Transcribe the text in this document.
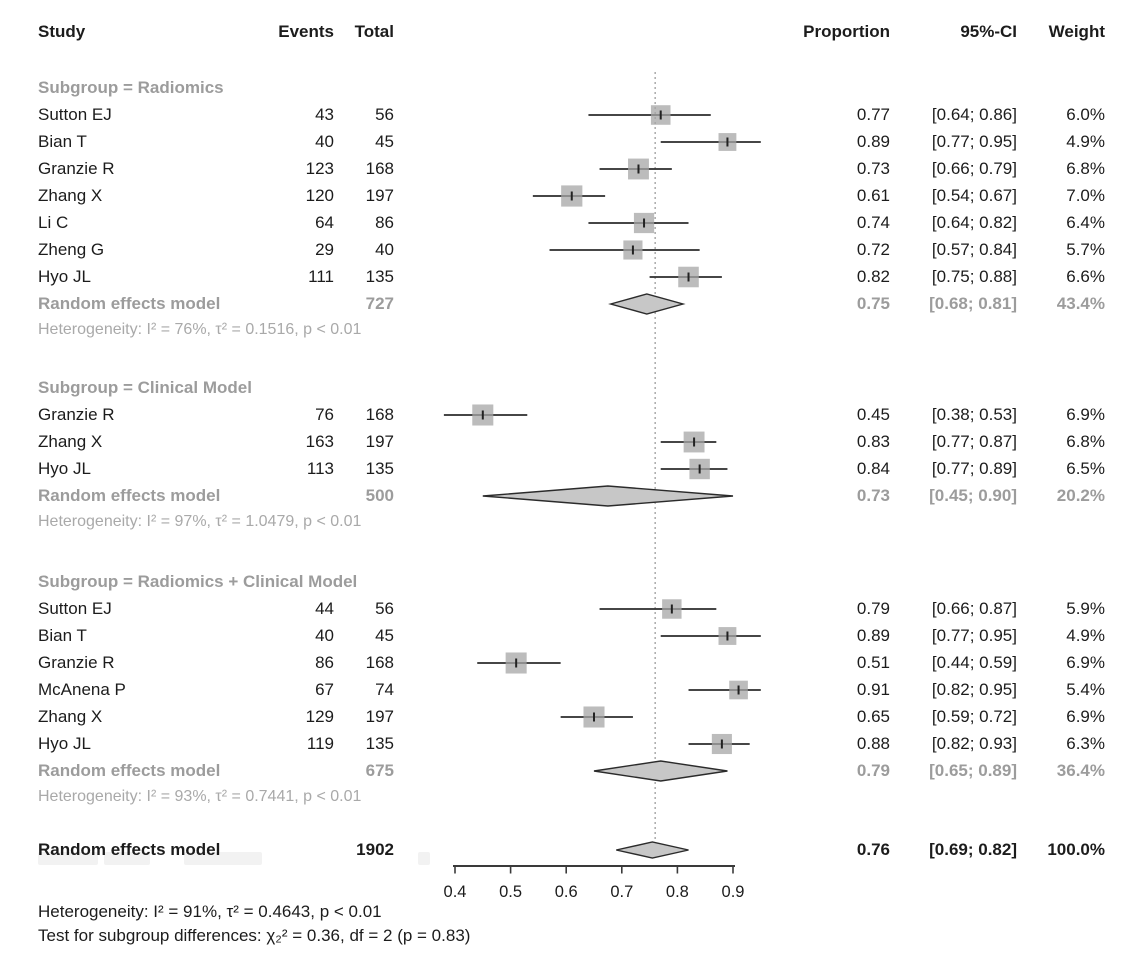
Study	Events Total	Proportion	95%-CI Weight
0.4 0.5 0.6 0.7 0.8 0.9
Subgroup = Radiomics
Sutton EJ	43 56	0.77 [0.64; 0.86]	6.0%
Bian T	40 45	0.89 [0.77; 0.95]	4.9%
Granzie R	123 168	0.73 [0.66; 0.79]	6.8%
Zhang X	120 197	0.61 [0.54; 0.67]	7.0%
Li C	64 86	0.74 [0.64; 0.82]	6.4%
Zheng G	29 40	0.72 [0.57; 0.84]	5.7%
Hyo JL	111 135	0.82 [0.75; 0.88]	6.6%
Random effects model	727	0.75 [0.68; 0.81] 43.4%
Heterogeneity: I² = 76%, τ² = 0.1516, p < 0.01
Subgroup = Clinical Model
Granzie R	76 168	0.45 [0.38; 0.53]	6.9%
Zhang X	163 197	0.83 [0.77; 0.87]	6.8%
Hyo JL	113 135	0.84 [0.77; 0.89]	6.5%
Random effects model	500	0.73 [0.45; 0.90] 20.2%
Heterogeneity: I² = 97%, τ² = 1.0479, p < 0.01
Subgroup = Radiomics + Clinical Model
Sutton EJ	44 56	0.79 [0.66; 0.87]	5.9%
Bian T	40 45	0.89 [0.77; 0.95]	4.9%
Granzie R	86 168	0.51 [0.44; 0.59]	6.9%
McAnena P	67 74	0.91 [0.82; 0.95]	5.4%
Zhang X	129 197	0.65 [0.59; 0.72]	6.9%
Hyo JL	119 135	0.88 [0.82; 0.93]	6.3%
Random effects model	675	0.79 [0.65; 0.89] 36.4%
Heterogeneity: I² = 93%, τ² = 0.7441, p < 0.01
Random effects model	1902	0.76 [0.69; 0.82] 100.0%
Heterogeneity: I² = 91%, τ² = 0.4643, p < 0.01
Test for subgroup differences: χ₂² = 0.36, df = 2 (p = 0.83)
